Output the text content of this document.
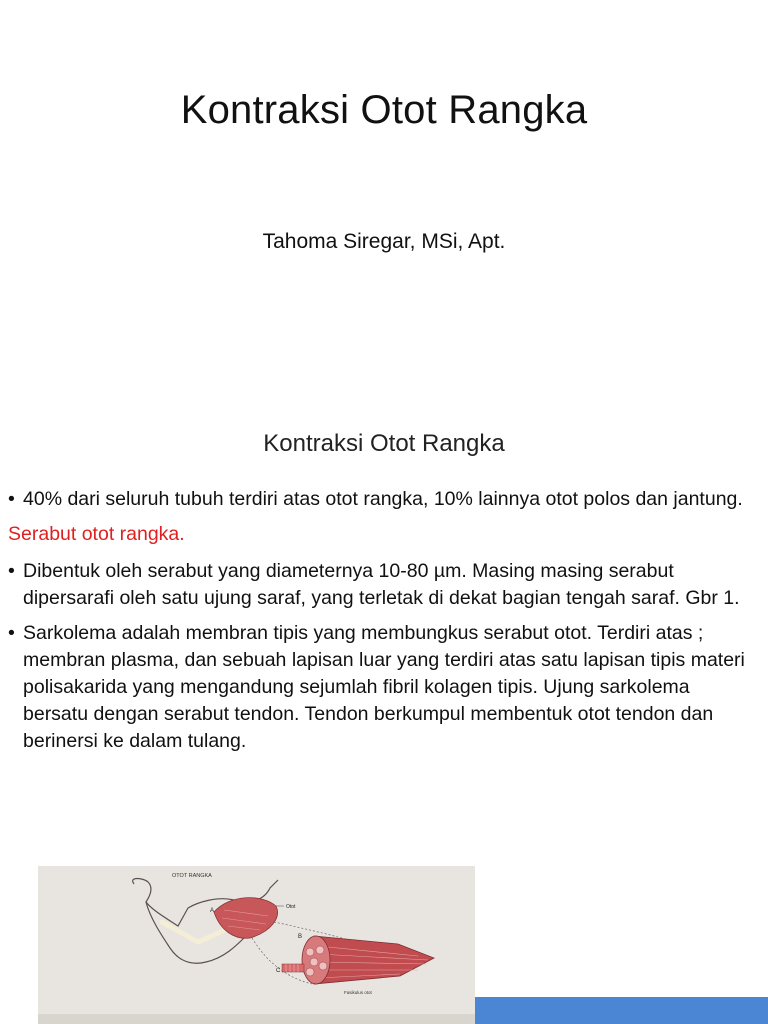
Kontraksi Otot Rangka
Tahoma Siregar, MSi, Apt.
Kontraksi Otot Rangka
• 40% dari seluruh tubuh terdiri atas otot rangka, 10% lainnya otot polos dan jantung.
Serabut otot rangka.
• Dibentuk oleh serabut yang diameternya 10-80 µm. Masing masing serabut dipersarafi oleh satu ujung saraf, yang terletak di dekat bagian tengah saraf. Gbr 1.
• Sarkolema adalah membran tipis yang membungkus serabut otot. Terdiri atas ; membran plasma, dan sebuah lapisan luar yang terdiri atas satu lapisan tipis materi polisakarida yang mengandung sejumlah fibril kolagen tipis. Ujung sarkolema bersatu dengan serabut tendon. Tendon berkumpul membentuk otot tendon dan berinersi ke dalam tulang.
OTOT RANGKA
A
Otot
B
C
Fasikulus otot
